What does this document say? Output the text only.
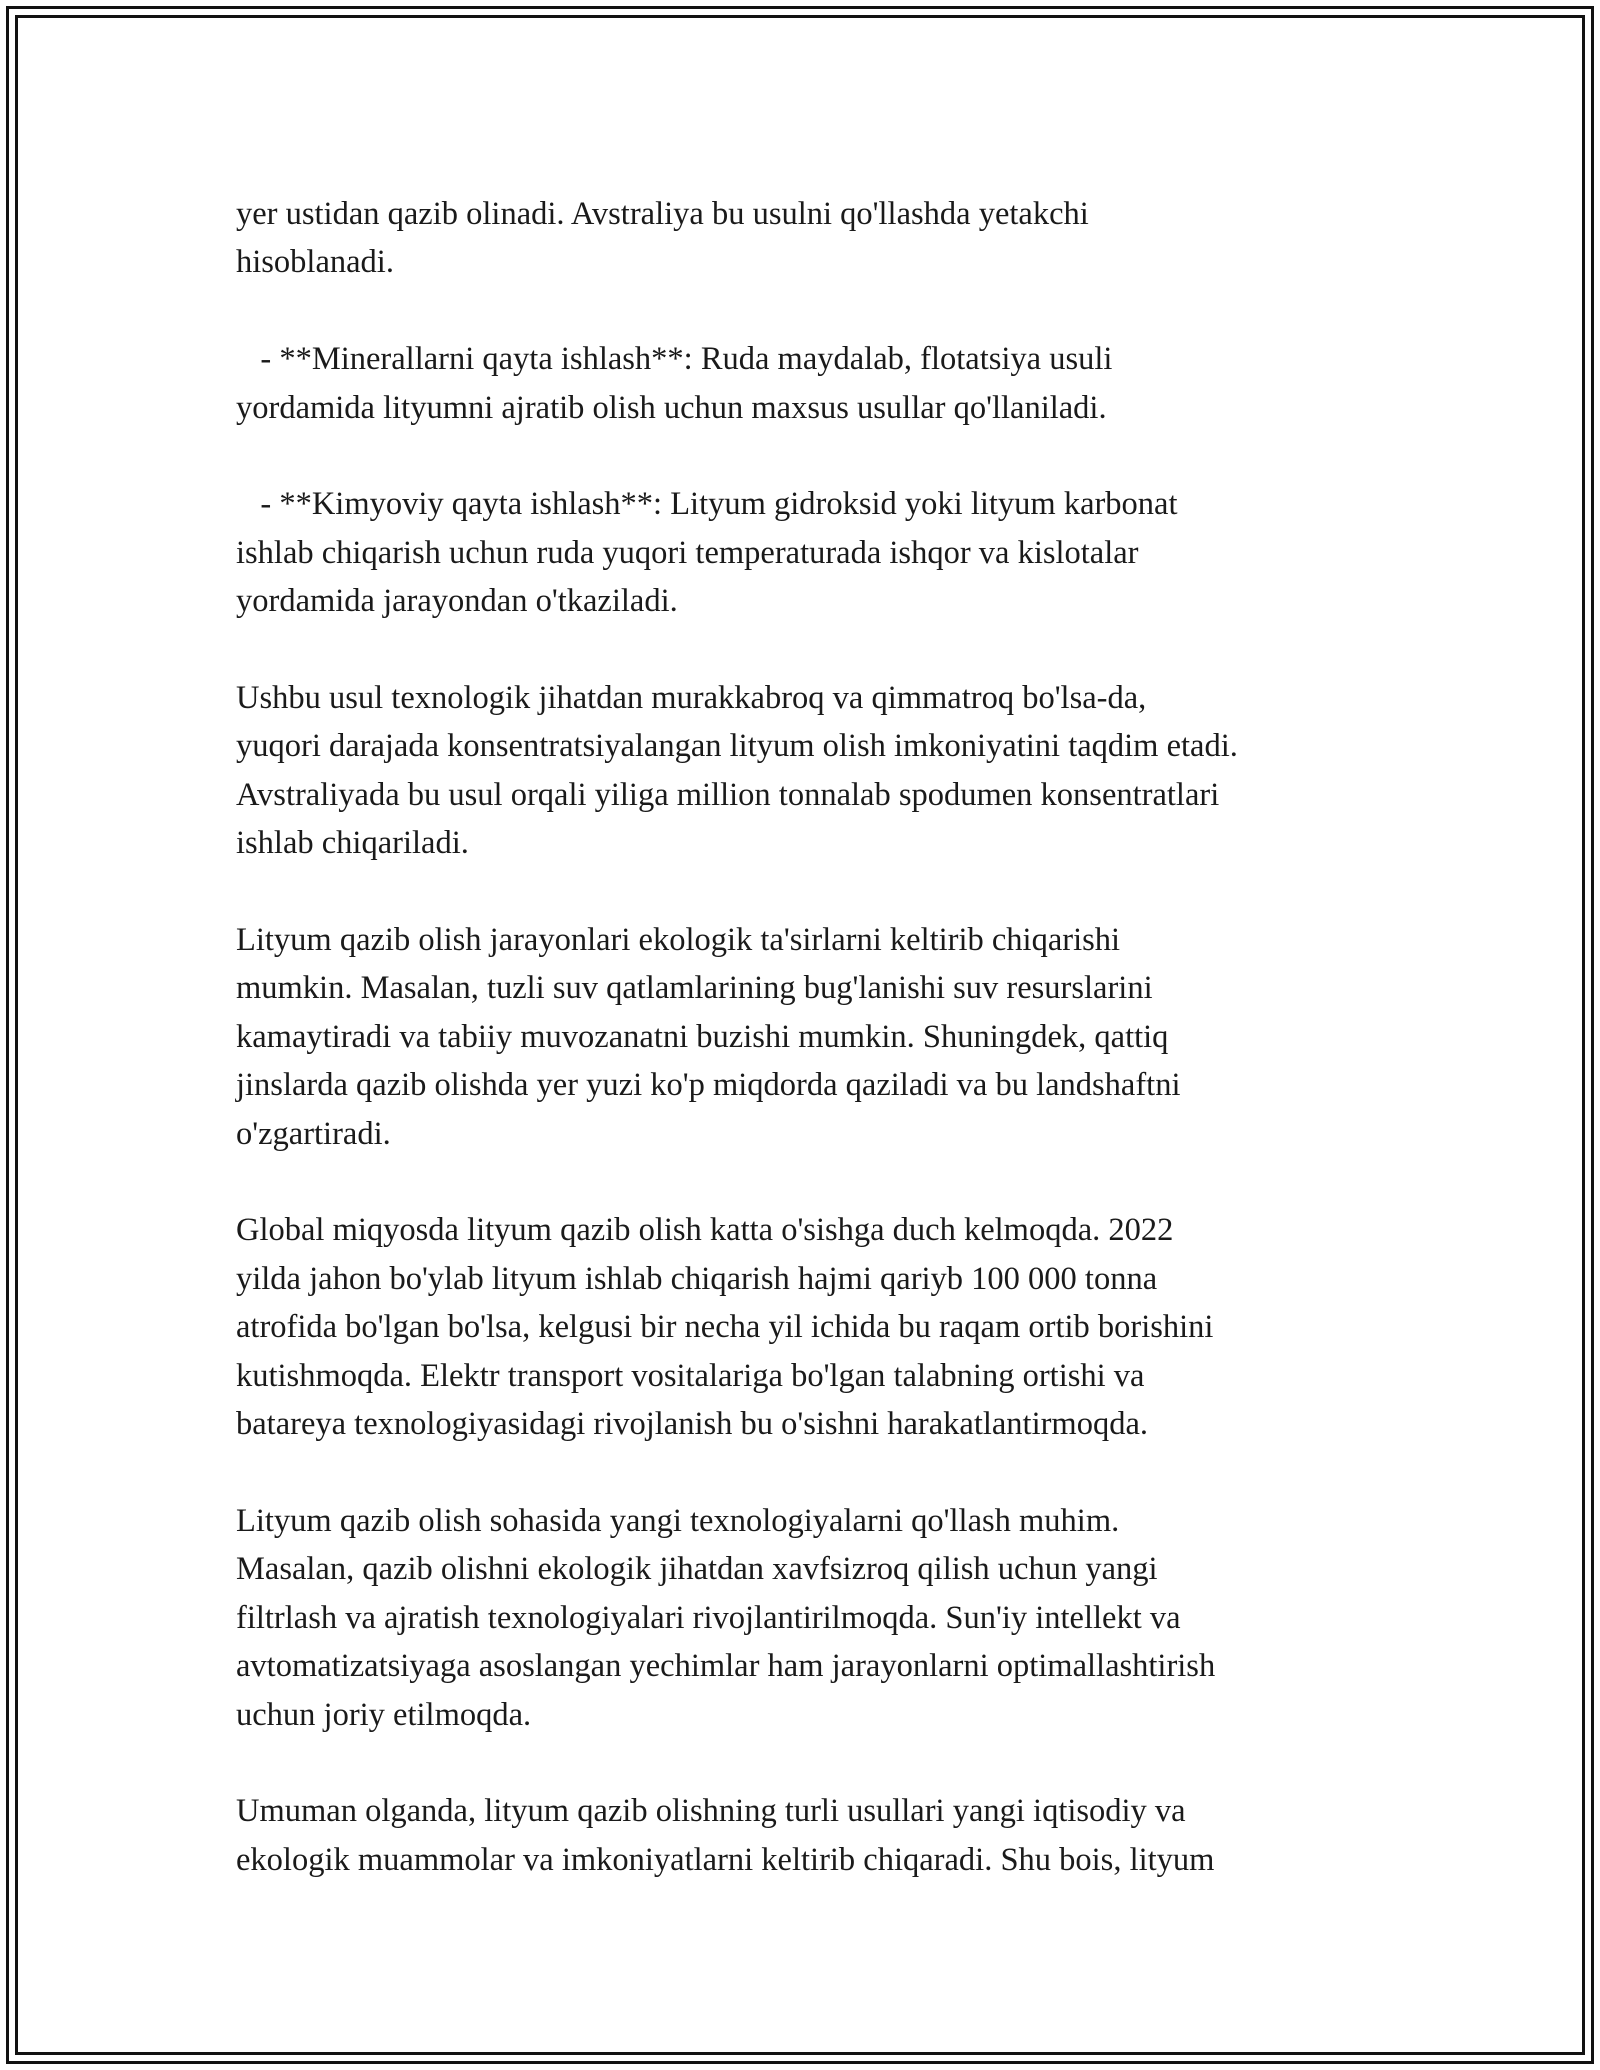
yer ustidan qazib olinadi. Avstraliya bu usulni qo'llashda yetakchi
hisoblanadi.

- **Minerallarni qayta ishlash**: Ruda maydalab, flotatsiya usuli
yordamida lityumni ajratib olish uchun maxsus usullar qo'llaniladi.

- **Kimyoviy qayta ishlash**: Lityum gidroksid yoki lityum karbonat
ishlab chiqarish uchun ruda yuqori temperaturada ishqor va kislotalar
yordamida jarayondan o'tkaziladi.

Ushbu usul texnologik jihatdan murakkabroq va qimmatroq bo'lsa-da,
yuqori darajada konsentratsiyalangan lityum olish imkoniyatini taqdim etadi.
Avstraliyada bu usul orqali yiliga million tonnalab spodumen konsentratlari
ishlab chiqariladi.

Lityum qazib olish jarayonlari ekologik ta'sirlarni keltirib chiqarishi
mumkin. Masalan, tuzli suv qatlamlarining bug'lanishi suv resurslarini
kamaytiradi va tabiiy muvozanatni buzishi mumkin. Shuningdek, qattiq
jinslarda qazib olishda yer yuzi ko'p miqdorda qaziladi va bu landshaftni
o'zgartiradi.

Global miqyosda lityum qazib olish katta o'sishga duch kelmoqda. 2022
yilda jahon bo'ylab lityum ishlab chiqarish hajmi qariyb 100 000 tonna
atrofida bo'lgan bo'lsa, kelgusi bir necha yil ichida bu raqam ortib borishini
kutishmoqda. Elektr transport vositalariga bo'lgan talabning ortishi va
batareya texnologiyasidagi rivojlanish bu o'sishni harakatlantirmoqda.

Lityum qazib olish sohasida yangi texnologiyalarni qo'llash muhim.
Masalan, qazib olishni ekologik jihatdan xavfsizroq qilish uchun yangi
filtrlash va ajratish texnologiyalari rivojlantirilmoqda. Sun'iy intellekt va
avtomatizatsiyaga asoslangan yechimlar ham jarayonlarni optimallashtirish
uchun joriy etilmoqda.

Umuman olganda, lityum qazib olishning turli usullari yangi iqtisodiy va
ekologik muammolar va imkoniyatlarni keltirib chiqaradi. Shu bois, lityum
